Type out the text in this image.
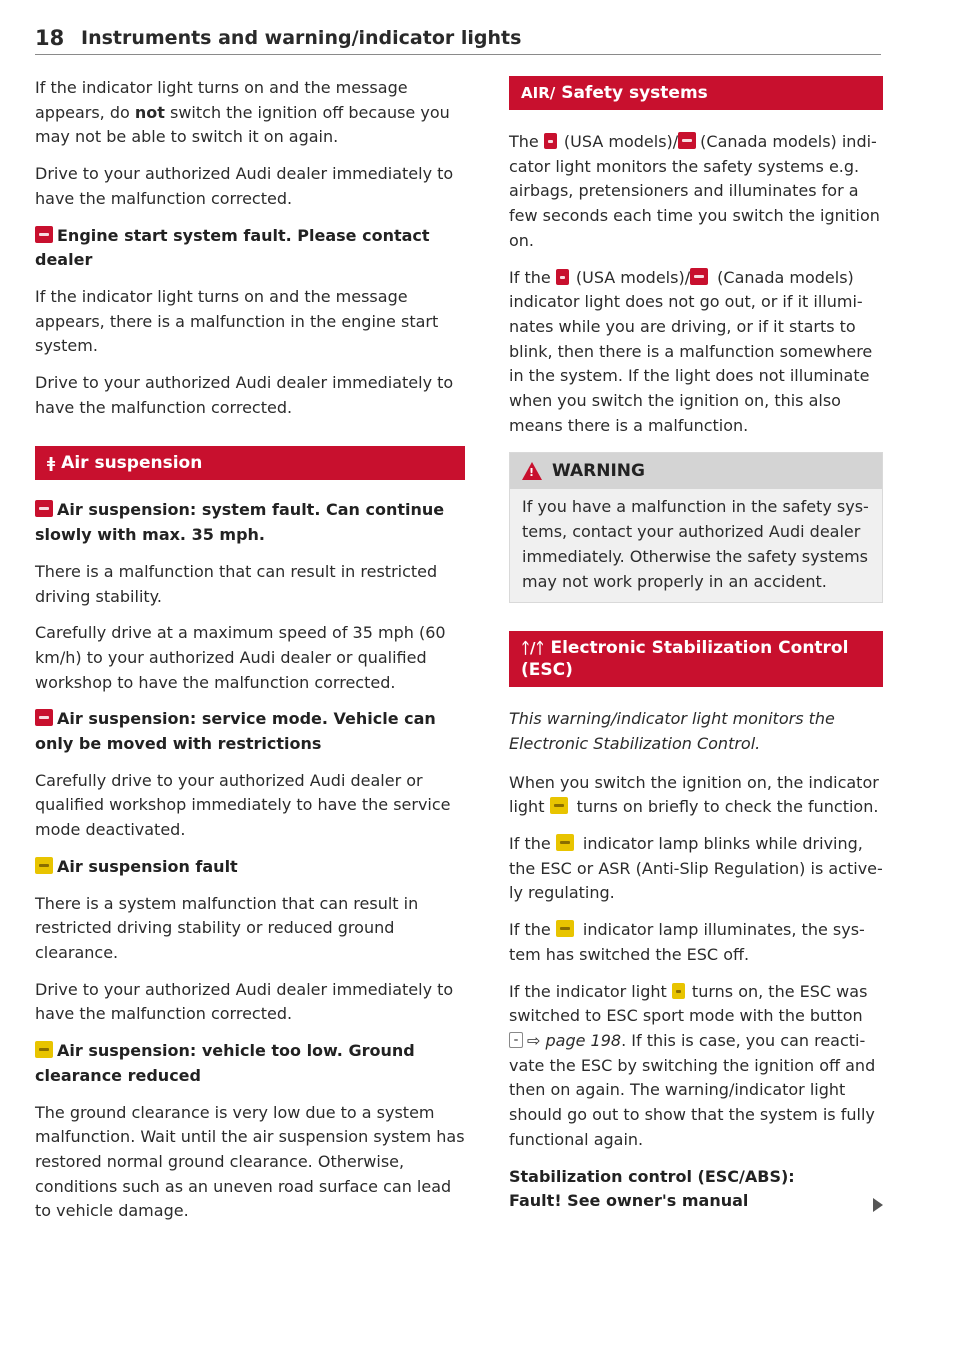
18 Instruments and warning/indicator lights

If the indicator light turns on and the message appears, do not switch the ignition off because you may not be able to switch it on again.

Drive to your authorized Audi dealer immediately to have the malfunction corrected.

Engine start system fault. Please contact dealer

If the indicator light turns on and the message appears, there is a malfunction in the engine start system.

Drive to your authorized Audi dealer immediately to have the malfunction corrected.

ǂ Air suspension
Air suspension: system fault. Can continue slowly with max. 35 mph.

There is a malfunction that can result in restricted driving stability.

Carefully drive at a maximum speed of 35 mph (60 km/h) to your authorized Audi dealer or qualified workshop to have the malfunction corrected.

Air suspension: service mode. Vehicle can only be moved with restrictions

Carefully drive to your authorized Audi dealer or qualified workshop immediately to have the service mode deactivated.

Air suspension fault

There is a system malfunction that can result in restricted driving stability or reduced ground clearance.

Drive to your authorized Audi dealer immediately to have the malfunction corrected.

Air suspension: vehicle too low. Ground clearance reduced

The ground clearance is very low due to a system malfunction. Wait until the air suspension system has restored normal ground clearance. Otherwise, conditions such as an uneven road surface can lead to vehicle damage.

AIR/ Safety systems

The  (USA models)/ (Canada models) indicator light monitors the safety systems e.g. airbags, pretensioners and illuminates for a few seconds each time you switch the ignition on.

If the  (USA models)/ (Canada models) indicator light does not go out, or if it illuminates while you are driving, or if it starts to blink, then there is a malfunction somewhere in the system. If the light does not illuminate when you switch the ignition on, this also means there is a malfunction.

!
WARNING

If you have a malfunction in the safety systems, contact your authorized Audi dealer immediately. Otherwise the safety systems may not work properly in an accident.

ᛏ/ᛏ Electronic Stabilization Control (ESC)

This warning/indicator light monitors the Electronic Stabilization Control.

When you switch the ignition on, the indicator light  turns on briefly to check the function.

If the  indicator lamp blinks while driving, the ESC or ASR (Anti-Slip Regulation) is actively regulating.

If the  indicator lamp illuminates, the system has switched the ESC off.

If the indicator light  turns on, the ESC was switched to ESC sport mode with the button ⇨ page 198. If this is case, you can reactivate the ESC by switching the ignition off and then on again. The warning/indicator light should go out to show that the system is fully functional again.

Stabilization control (ESC/ABS): Fault! See owner's manual
